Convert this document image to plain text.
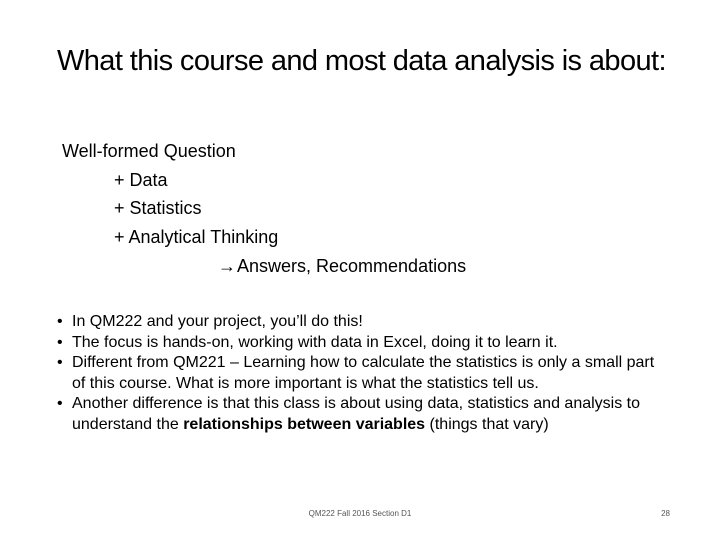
What this course and most data analysis is about:
Well-formed Question
+ Data
+ Statistics
+ Analytical Thinking
→Answers, Recommendations
• In QM222 and your project, you’ll do this!
• The focus is hands-on, working with data in Excel, doing it to learn it.
• Different from QM221 – Learning how to calculate the statistics is only a small part of this course. What is more important is what the statistics tell us.
• Another difference is that this class is about using data, statistics and analysis to understand the relationships between variables (things that vary)
QM222 Fall 2016 Section D1	28
